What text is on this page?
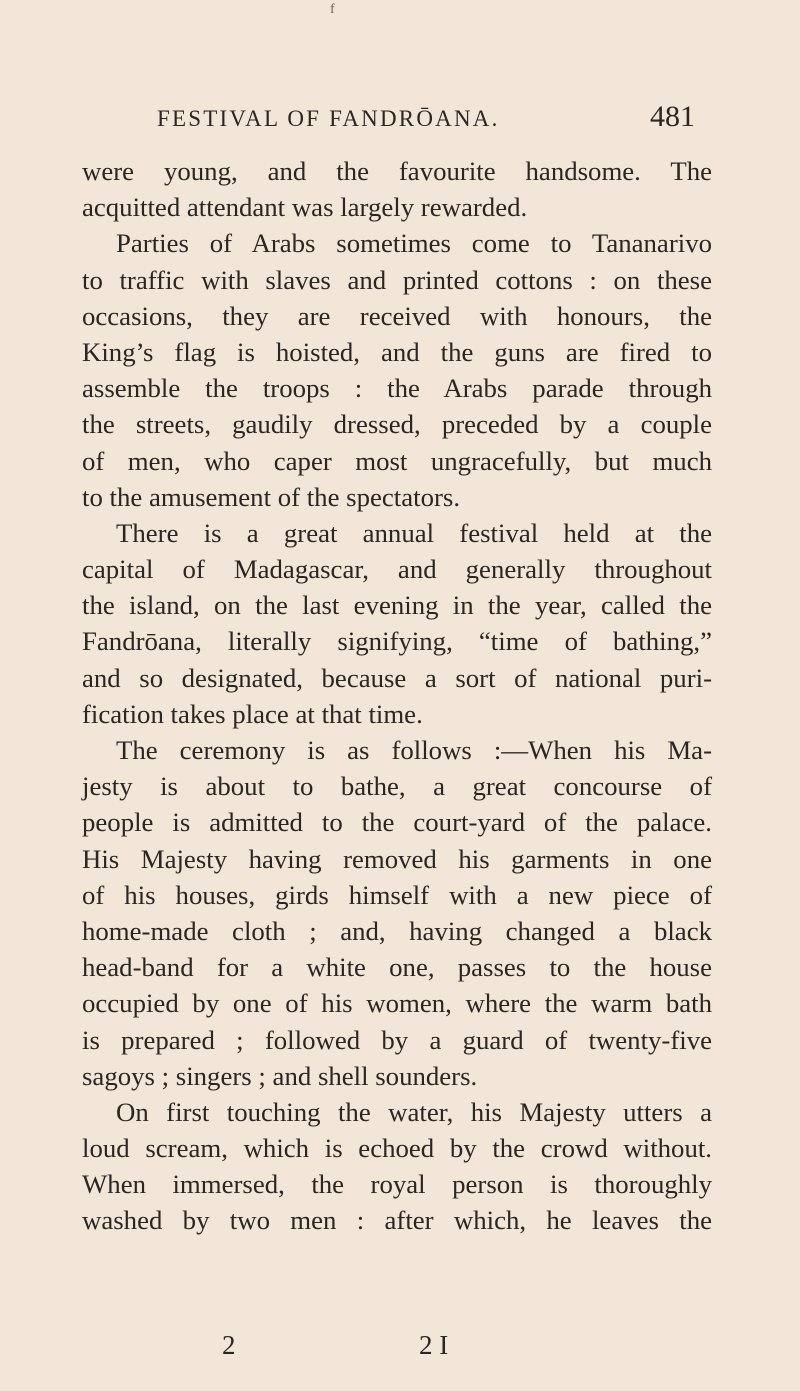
f
FESTIVAL OF FANDRŌANA.	481
were young, and the favourite handsome. The
acquitted attendant was largely rewarded.
Parties of Arabs sometimes come to Tananarivo
to traffic with slaves and printed cottons : on these
occasions, they are received with honours, the
King’s flag is hoisted, and the guns are fired to
assemble the troops : the Arabs parade through
the streets, gaudily dressed, preceded by a couple
of men, who caper most ungracefully, but much
to the amusement of the spectators.
There is a great annual festival held at the
capital of Madagascar, and generally throughout
the island, on the last evening in the year, called the
Fandrōana, literally signifying, “time of bathing,”
and so designated, because a sort of national puri-
fication takes place at that time.
The ceremony is as follows :—When his Ma-
jesty is about to bathe, a great concourse of
people is admitted to the court-yard of the palace.
His Majesty having removed his garments in one
of his houses, girds himself with a new piece of
home-made cloth ; and, having changed a black
head-band for a white one, passes to the house
occupied by one of his women, where the warm bath
is prepared ; followed by a guard of twenty-five
sagoys ; singers ; and shell sounders.
On first touching the water, his Majesty utters a
loud scream, which is echoed by the crowd without.
When immersed, the royal person is thoroughly
washed by two men : after which, he leaves the
2	2 I
